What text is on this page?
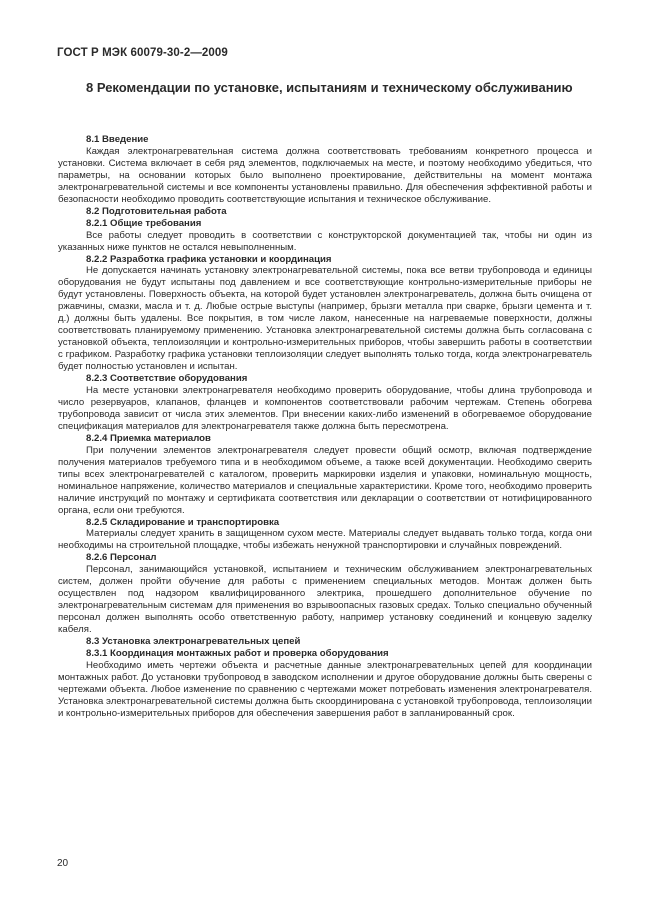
ГОСТ Р МЭК 60079-30-2—2009
8 Рекомендации по установке, испытаниям и техническому обслуживанию
8.1 Введение

Каждая электронагревательная система должна соответствовать требованиям конкретного процесса и установки. Система включает в себя ряд элементов, подключаемых на месте, и поэтому необходимо убедиться, что параметры, на основании которых было выполнено проектирование, действительны на момент монтажа электронагревательной системы и все компоненты установлены правильно. Для обеспечения эффективной работы и безопасности необходимо проводить соответствующие испытания и техническое обслуживание.

8.2 Подготовительная работа
8.2.1 Общие требования

Все работы следует проводить в соответствии с конструкторской документацией так, чтобы ни один из указанных ниже пунктов не остался невыполненным.

8.2.2 Разработка графика установки и координация

Не допускается начинать установку электронагревательной системы, пока все ветви трубопровода и единицы оборудования не будут испытаны под давлением и все соответствующие контрольно-измерительные приборы не будут установлены. Поверхность объекта, на которой будет установлен электронагреватель, должна быть очищена от ржавчины, смазки, масла и т. д. Любые острые выступы (например, брызги металла при сварке, брызги цемента и т. д.) должны быть удалены. Все покрытия, в том числе лаком, нанесенные на нагреваемые поверхности, должны соответствовать планируемому применению. Установка электронагревательной системы должна быть согласована с установкой объекта, теплоизоляции и контрольно-измерительных приборов, чтобы завершить работы в соответствии с графиком. Разработку графика установки теплоизоляции следует выполнять только тогда, когда электронагреватель будет полностью установлен и испытан.

8.2.3 Соответствие оборудования

На месте установки электронагревателя необходимо проверить оборудование, чтобы длина трубопровода и число резервуаров, клапанов, фланцев и компонентов соответствовали рабочим чертежам. Степень обогрева трубопровода зависит от числа этих элементов. При внесении каких-либо изменений в обогреваемое оборудование спецификация материалов для электронагревателя также должна быть пересмотрена.

8.2.4 Приемка материалов

При получении элементов электронагревателя следует провести общий осмотр, включая подтверждение получения материалов требуемого типа и в необходимом объеме, а также всей документации. Необходимо сверить типы всех электронагревателей с каталогом, проверить маркировки изделия и упаковки, номинальную мощность, номинальное напряжение, количество материалов и специальные характеристики. Кроме того, необходимо проверить наличие инструкций по монтажу и сертификата соответствия или декларации о соответствии от нотифицированного органа, если они требуются.

8.2.5 Складирование и транспортировка

Материалы следует хранить в защищенном сухом месте. Материалы следует выдавать только тогда, когда они необходимы на строительной площадке, чтобы избежать ненужной транспортировки и случайных повреждений.

8.2.6 Персонал

Персонал, занимающийся установкой, испытанием и техническим обслуживанием электронагревательных систем, должен пройти обучение для работы с применением специальных методов. Монтаж должен быть осуществлен под надзором квалифицированного электрика, прошедшего дополнительное обучение по электронагревательным системам для применения во взрывоопасных газовых средах. Только специально обученный персонал должен выполнять особо ответственную работу, например установку соединений и концевую заделку кабеля.

8.3 Установка электронагревательных цепей
8.3.1 Координация монтажных работ и проверка оборудования

Необходимо иметь чертежи объекта и расчетные данные электронагревательных цепей для координации монтажных работ. До установки трубопровод в заводском исполнении и другое оборудование должны быть сверены с чертежами объекта. Любое изменение по сравнению с чертежами может потребовать изменения электронагревателя. Установка электронагревательной системы должна быть скоординирована с установкой трубопровода, теплоизоляции и контрольно-измерительных приборов для обеспечения завершения работ в запланированный срок.

20
